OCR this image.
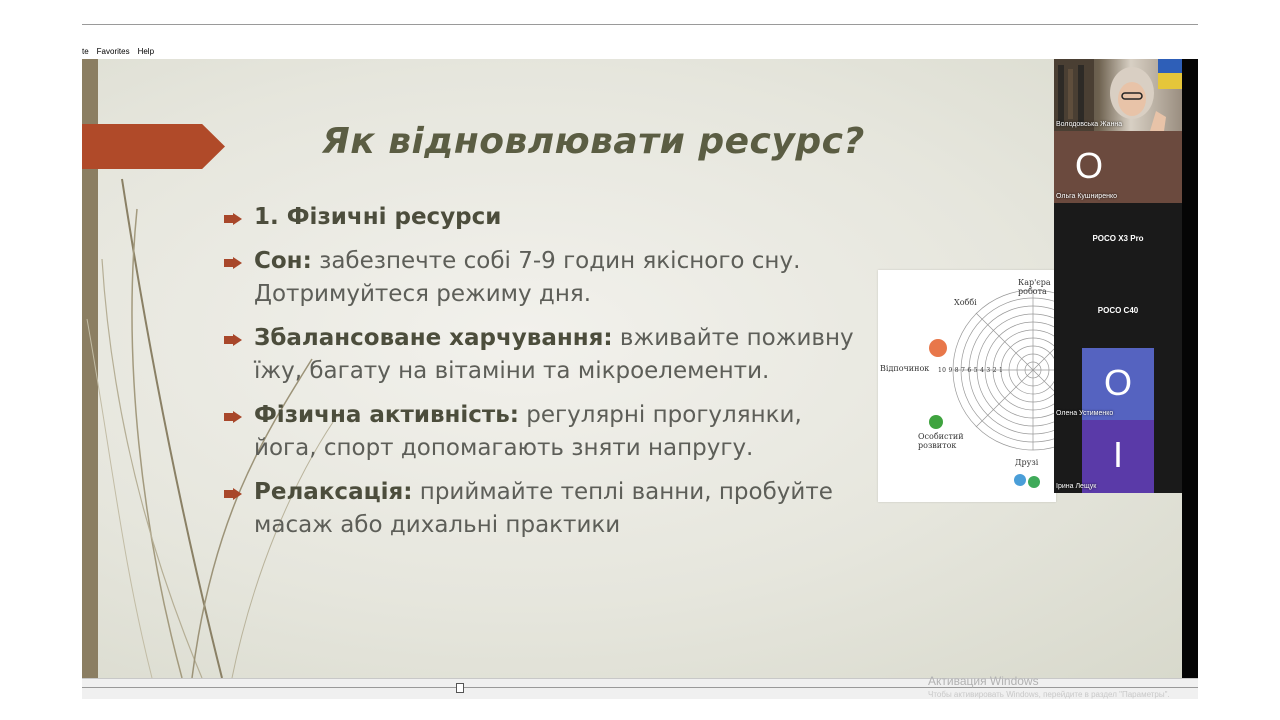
te Favorites Help
Як відновлювати ресурс?
1. Фізичні ресурси
Сон: забезпечте собі 7-9 годин якісного сну. Дотримуйтеся режиму дня.
Збалансоване харчування: вживайте поживну їжу, багату на вітаміни та мікроелементи.
Фізична активність: регулярні прогулянки, йога, спорт допомагають зняти напругу.
Релаксація: приймайте теплі ванни, пробуйте масаж або дихальні практики
Кар'єра робота
Хоббі
Відпочинок 10 9 8 7 6 5 4 3 2 1
Особистий розвиток
Друзі
Володовська Жанна
О
Ольга Кушниренко
POCO X3 Pro
POCO C40
О
Олена Устименко
І
Ірина Лещук
Активация Windows
Чтобы активировать Windows, перейдите в раздел "Параметры".
